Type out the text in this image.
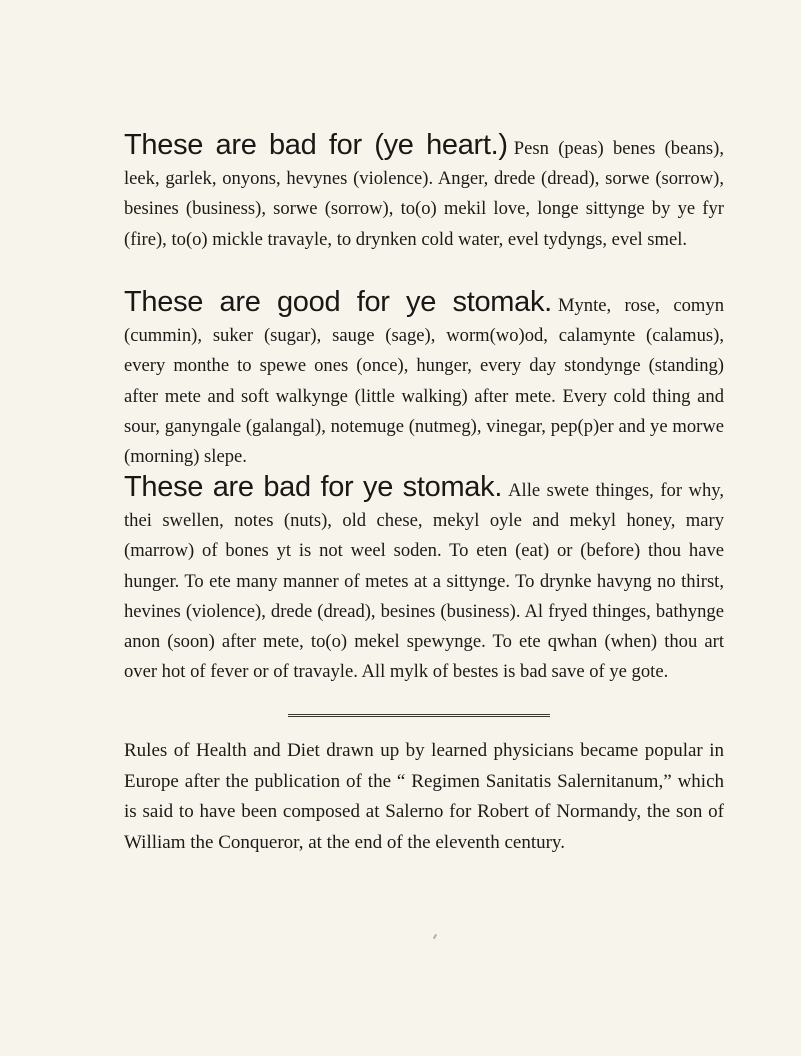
These are bad for (ye heart.) Pesn (peas) benes (beans), leek, garlek, onyons, hevynes (violence). Anger, drede (dread), sorwe (sorrow), besines (business), sorwe (sorrow), to(o) mekil love, longe sittynge by ye fyr (fire), to(o) mickle travayle, to drynken cold water, evel tydyngs, evel smel.

These are good for ye stomak. Mynte, rose, comyn (cummin), suker (sugar), sauge (sage), worm(wo)od, calamynte (calamus), every monthe to spewe ones (once), hunger, every day stondynge (standing) after mete and soft walkynge (little walking) after mete. Every cold thing and sour, ganyngale (galangal), notemuge (nutmeg), vinegar, pep(p)er and ye morwe (morning) slepe.

These are bad for ye stomak. Alle swete thinges, for why, thei swellen, notes (nuts), old chese, mekyl oyle and mekyl honey, mary (marrow) of bones yt is not weel soden. To eten (eat) or (before) thou have hunger. To ete many manner of metes at a sittynge. To drynke havyng no thirst, hevines (violence), drede (dread), besines (business). Al fryed thinges, bathynge anon (soon) after mete, to(o) mekel spewynge. To ete qwhan (when) thou art over hot of fever or of travayle. All mylk of bestes is bad save of ye gote.

Rules of Health and Diet drawn up by learned physicians became popular in Europe after the publication of the “ Regimen Sanitatis Salernitanum,” which is said to have been composed at Salerno for Robert of Normandy, the son of William the Conqueror, at the end of the eleventh century.
